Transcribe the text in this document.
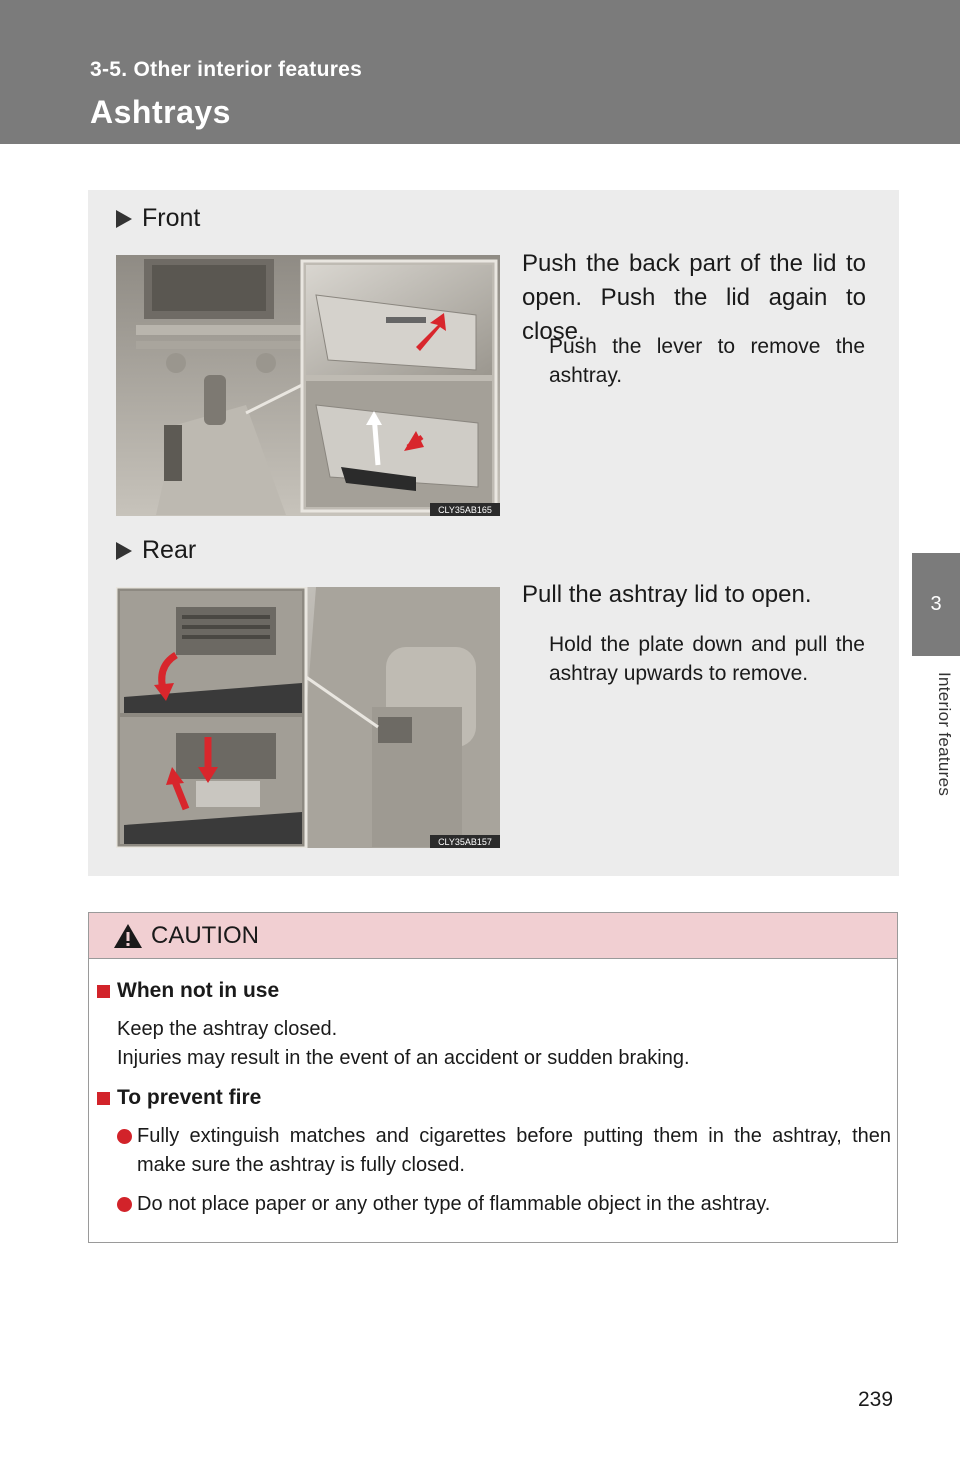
3-5. Other interior features
Ashtrays
3
Interior features
Front
CLY35AB165
Push the back part of the lid to open. Push the lid again to close.
Push the lever to remove the ashtray.
Rear
CLY35AB157
Pull the ashtray lid to open.
Hold the plate down and pull the ashtray upwards to remove.
CAUTION
When not in use
Keep the ashtray closed.
Injuries may result in the event of an accident or sudden braking.
To prevent fire
Fully extinguish matches and cigarettes before putting them in the ashtray, then make sure the ashtray is fully closed.
Do not place paper or any other type of flammable object in the ashtray.
239
